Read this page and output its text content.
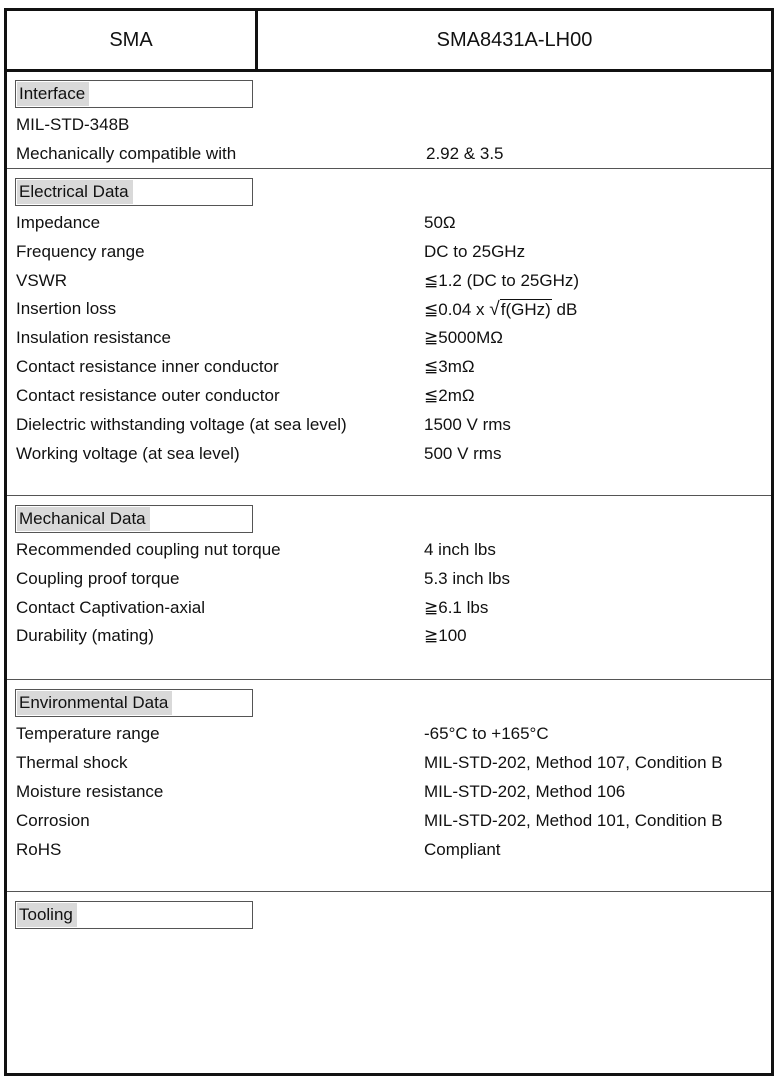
SMA	SMA8431A-LH00
Interface
MIL-STD-348B
Mechanically compatible with	2.92 & 3.5
Electrical Data
Impedance	50Ω
Frequency range	DC to 25GHz
VSWR	≦1.2 (DC to 25GHz)
Insertion loss	≦0.04 x √f(GHz) dB
Insulation resistance	≧5000MΩ
Contact resistance inner conductor	≦3mΩ
Contact resistance outer conductor	≦2mΩ
Dielectric withstanding voltage (at sea level)	1500 V rms
Working voltage (at sea level)	500 V rms
Mechanical Data
Recommended coupling nut torque	4 inch lbs
Coupling proof torque	5.3 inch lbs
Contact Captivation-axial	≧6.1 lbs
Durability (mating)	≧100
Environmental Data
Temperature range	-65°C to +165°C
Thermal shock	MIL-STD-202, Method 107, Condition B
Moisture resistance	MIL-STD-202, Method 106
Corrosion	MIL-STD-202, Method 101, Condition B
RoHS	Compliant
Tooling
